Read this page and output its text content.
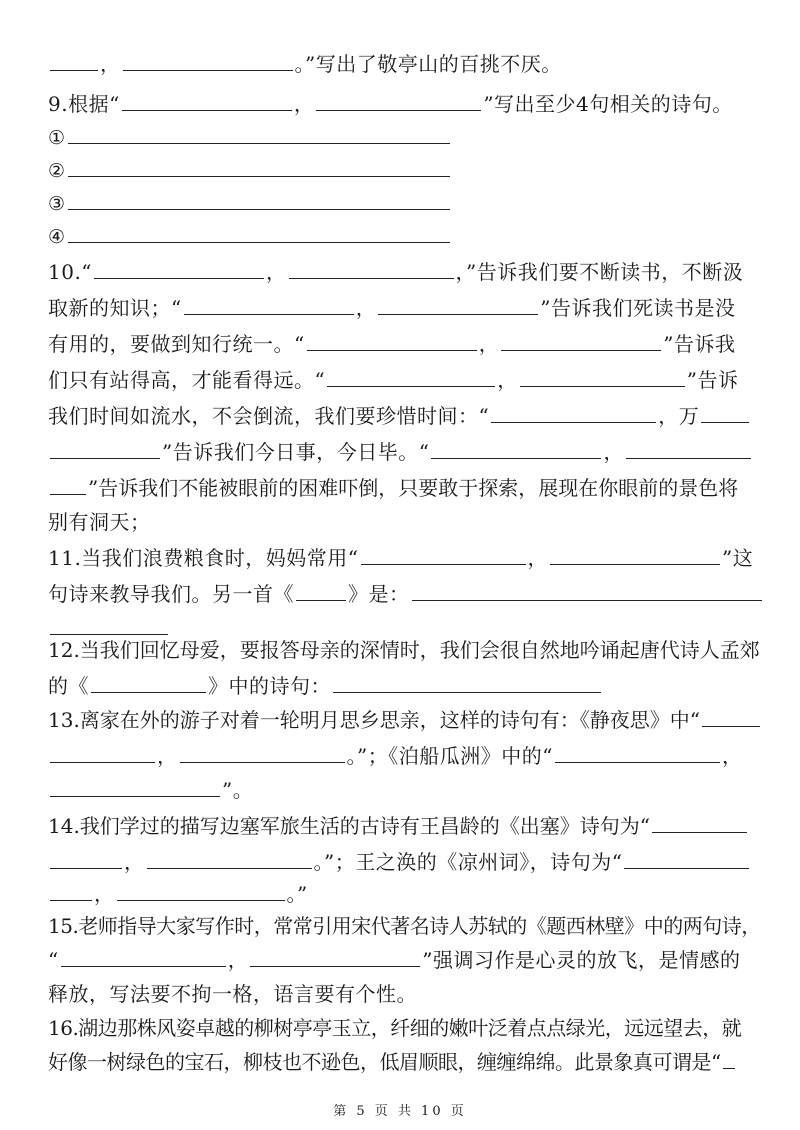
，	。”写出了敬亭山的百挑不厌。
9.根据“	，	”写出至少4句相关的诗句。
①
②
③
④
10.“	，	，”告诉我们要不断读书，不断汲
取新的知识；“	，	”告诉我们死读书是没
有用的，要做到知行统一。“	，	”告诉我
们只有站得高，才能看得远。“	，	”告诉
我们时间如流水，不会倒流，我们要珍惜时间：“	，万
”告诉我们今日事，今日毕。“	，
”告诉我们不能被眼前的困难吓倒，只要敢于探索，展现在你眼前的景色将
别有洞天；
11.当我们浪费粮食时，妈妈常用“	，	”这
句诗来教导我们。另一首《	》是：
12.当我们回忆母爱，要报答母亲的深情时，我们会很自然地吟诵起唐代诗人孟郊
的《	》中的诗句：
13.离家在外的游子对着一轮明月思乡思亲，这样的诗句有：《静夜思》中“
，	。”；《泊船瓜洲》中的“	，
”。
14.我们学过的描写边塞军旅生活的古诗有王昌龄的《出塞》诗句为“
，	。”；王之涣的《凉州词》，诗句为“
，	。”
15.老师指导大家写作时，常常引用宋代著名诗人苏轼的《题西林壁》中的两句诗，
“	，	”强调习作是心灵的放飞，是情感的
释放，写法要不拘一格，语言要有个性。
16.湖边那株风姿卓越的柳树亭亭玉立，纤细的嫩叶泛着点点绿光，远远望去，就
好像一树绿色的宝石，柳枝也不逊色，低眉顺眼，缠缠绵绵。此景象真可谓是“
第 5 页 共 10 页
